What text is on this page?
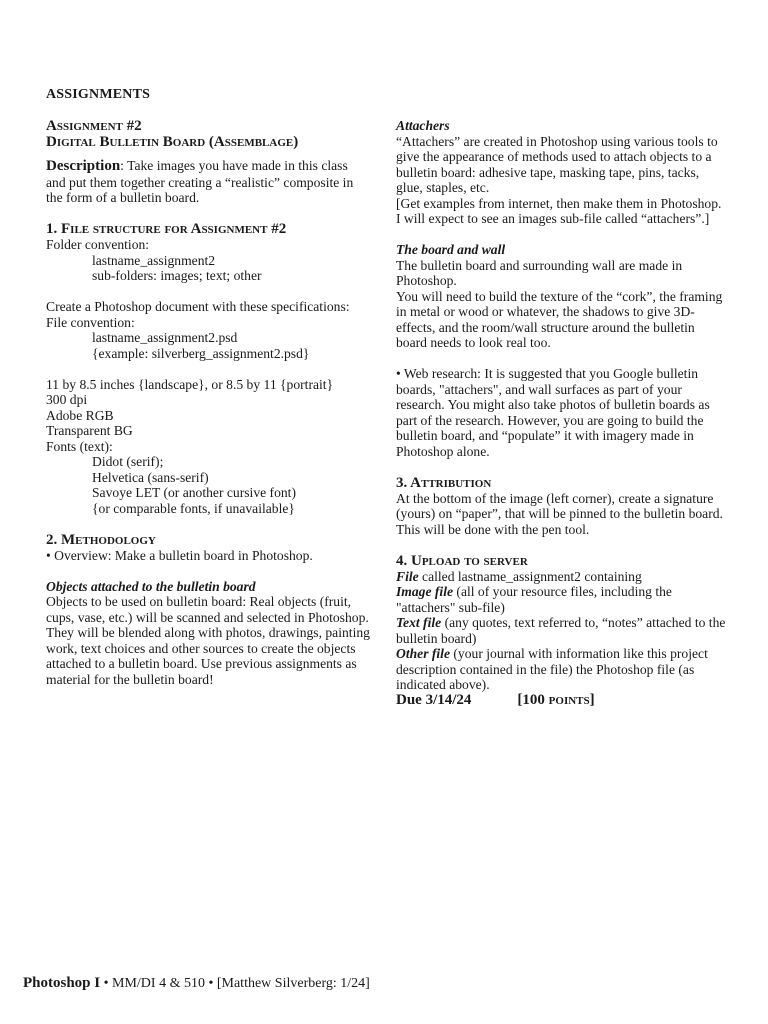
ASSIGNMENTS

Assignment #2

Digital Bulletin Board (Assemblage)

Description: Take images you have made in this class and put them together creating a “realistic” composite in the form of a bulletin board.

1. File structure for Assignment #2

Folder convention:

lastname_assignment2

sub-folders: images; text; other

Create a Photoshop document with these specifications:

File convention:

lastname_assignment2.psd

{example: silverberg_assignment2.psd}

11 by 8.5 inches {landscape}, or 8.5 by 11 {portrait}

300 dpi

Adobe RGB

Transparent BG

Fonts (text):

Didot (serif);

Helvetica (sans-serif)

Savoye LET (or another cursive font)

{or comparable fonts, if unavailable}

2. Methodology

• Overview: Make a bulletin board in Photoshop.

Objects attached to the bulletin board

Objects to be used on bulletin board: Real objects (fruit, cups, vase, etc.) will be scanned and selected in Photoshop. They will be blended along with photos, drawings, painting work, text choices and other sources to create the objects attached to a bulletin board. Use previous assignments as material for the bulletin board!

Attachers

“Attachers” are created in Photoshop using various tools to give the appearance of methods used to attach objects to a bulletin board: adhesive tape, masking tape, pins, tacks, glue, staples, etc.

[Get examples from internet, then make them in Photoshop. I will expect to see an images sub-file called “attachers”.]

The board and wall

The bulletin board and surrounding wall are made in Photoshop.

You will need to build the texture of the “cork”, the framing in metal or wood or whatever, the shadows to give 3D-effects, and the room/wall structure around the bulletin board needs to look real too.

• Web research: It is suggested that you Google bulletin boards, "attachers", and wall surfaces as part of your research. You might also take photos of bulletin boards as part of the research. However, you are going to build the bulletin board, and “populate” it with imagery made in Photoshop alone.

3. Attribution

At the bottom of the image (left corner), create a signature (yours) on “paper”, that will be pinned to the bulletin board. This will be done with the pen tool.

4. Upload to server

File called lastname_assignment2 containing

Image file (all of your resource files, including the "attachers" sub-file)

Text file (any quotes, text referred to, “notes” attached to the bulletin board)

Other file (your journal with information like this project description contained in the file) the Photoshop file (as indicated above).

Due 3/14/24	[100 points]

Photoshop I • MM/DI 4 & 510 • [Matthew Silverberg: 1/24]
